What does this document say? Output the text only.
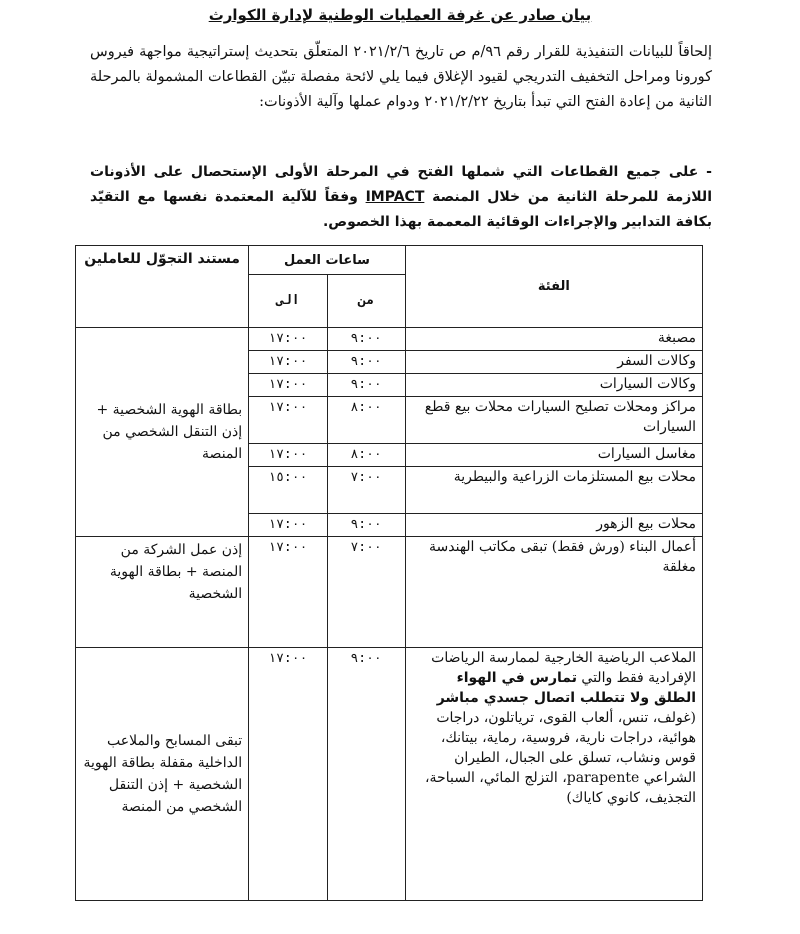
بيان صادر عن غرفة العمليات الوطنية لإدارة الكوارث
إلحاقاً للبيانات التنفيذية للقرار رقم ٩٦/م ص تاريخ ٢٠٢١/٢/٦ المتعلّق بتحديث إستراتيجية مواجهة فيروس كورونا ومراحل التخفيف التدريجي لقيود الإغلاق فيما يلي لائحة مفصلة تبيّن القطاعات المشمولة بالمرحلة الثانية من إعادة الفتح التي تبدأ بتاريخ ٢٠٢١/٢/٢٢ ودوام عملها وآلية الأذونات:
- على جميع القطاعات التي شملها الفتح في المرحلة الأولى الإستحصال على الأذونات اللازمة للمرحلة الثانية من خلال المنصة IMPACT وفقاً للآلية المعتمدة نفسها مع التقيّد بكافة التدابير والإجراءات الوقائية المعممة بهذا الخصوص.
الفئة	ساعات العمل		مستند التجوّل للعاملين
	من	الى	
مصبغة	٩:٠٠	١٧:٠٠	بطاقة الهوية الشخصية + إذن التنقل الشخصي من المنصة
وكالات السفر	٩:٠٠	١٧:٠٠	
وكالات السيارات	٩:٠٠	١٧:٠٠	
مراكز ومحلات تصليح السيارات محلات بيع قطع السيارات	٨:٠٠	١٧:٠٠	
مغاسل السيارات	٨:٠٠	١٧:٠٠	
محلات بيع المستلزمات الزراعية والبيطرية	٧:٠٠	١٥:٠٠	
محلات بيع الزهور	٩:٠٠	١٧:٠٠	
أعمال البناء (ورش فقط) تبقى مكاتب الهندسة مغلقة	٧:٠٠	١٧:٠٠	إذن عمل الشركة من المنصة + بطاقة الهوية الشخصية
الملاعب الرياضية الخارجية لممارسة الرياضات الإفرادية فقط والتي تمارس في الهواء الطلق ولا تتطلب اتصال جسدي مباشر (غولف، تنس، ألعاب القوى، ترياتلون، دراجات هوائية، دراجات نارية، فروسية، رماية، بيتانك، قوس ونشاب، تسلق على الجبال، الطيران الشراعي parapente، التزلج المائي، السباحة، التجذيف، كانوي كاياك)	٩:٠٠	١٧:٠٠	تبقى المسابح والملاعب الداخلية مقفلة بطاقة الهوية الشخصية + إذن التنقل الشخصي من المنصة
